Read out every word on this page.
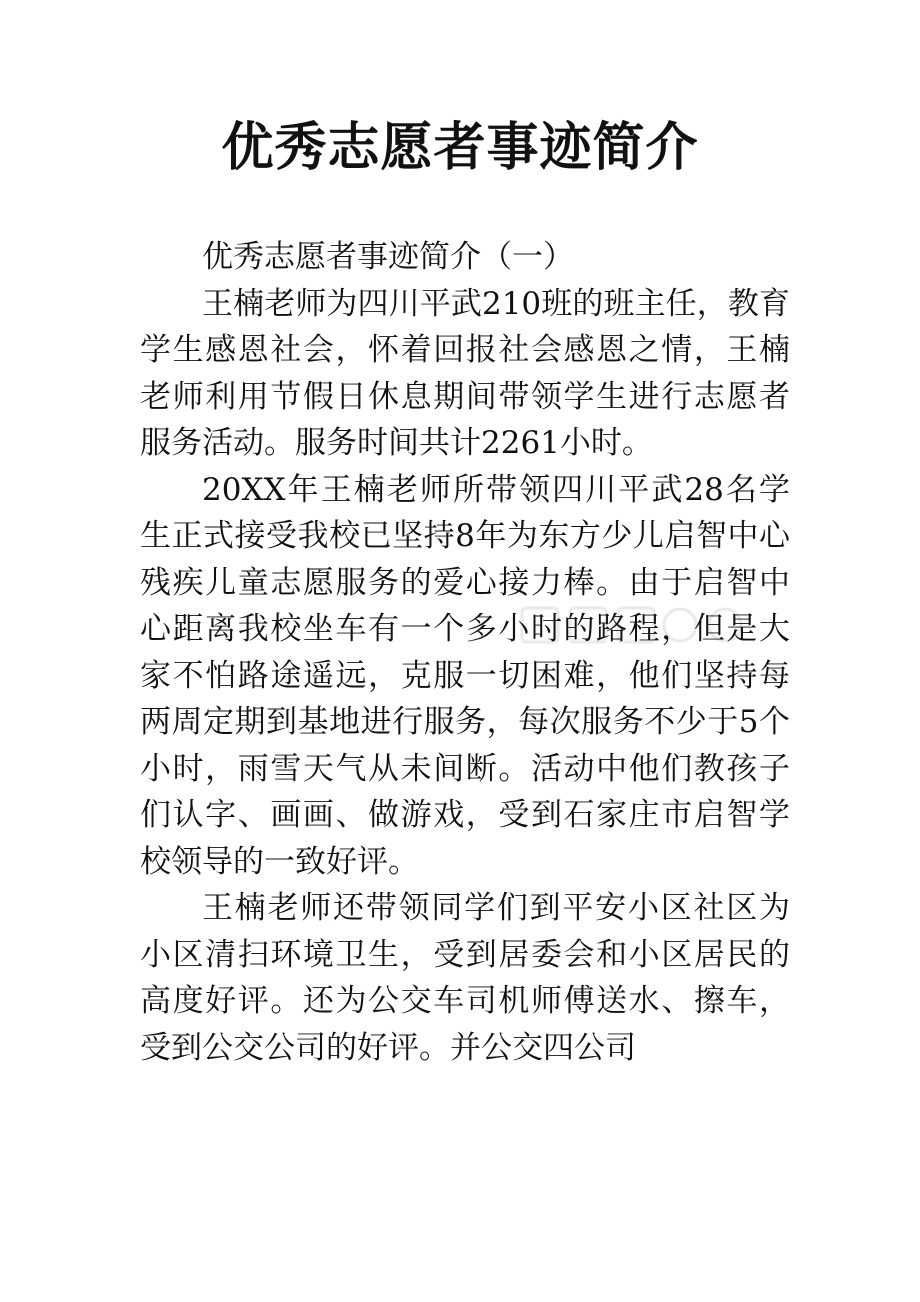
优秀志愿者事迹简介

优秀志愿者事迹简介（一）

王楠老师为四川平武210班的班主任，教育学生感恩社会，怀着回报社会感恩之情，王楠老师利用节假日休息期间带领学生进行志愿者服务活动。服务时间共计2261小时。

20XX年王楠老师所带领四川平武28名学生正式接受我校已坚持8年为东方少儿启智中心残疾儿童志愿服务的爱心接力棒。由于启智中心距离我校坐车有一个多小时的路程，但是大家不怕路途遥远，克服一切困难，他们坚持每两周定期到基地进行服务，每次服务不少于5个小时，雨雪天气从未间断。活动中他们教孩子们认字、画画、做游戏，受到石家庄市启智学校领导的一致好评。

王楠老师还带领同学们到平安小区社区为小区清扫环境卫生，受到居委会和小区居民的高度好评。还为公交车司机师傅送水、擦车，受到公交公司的好评。并公交四公司
